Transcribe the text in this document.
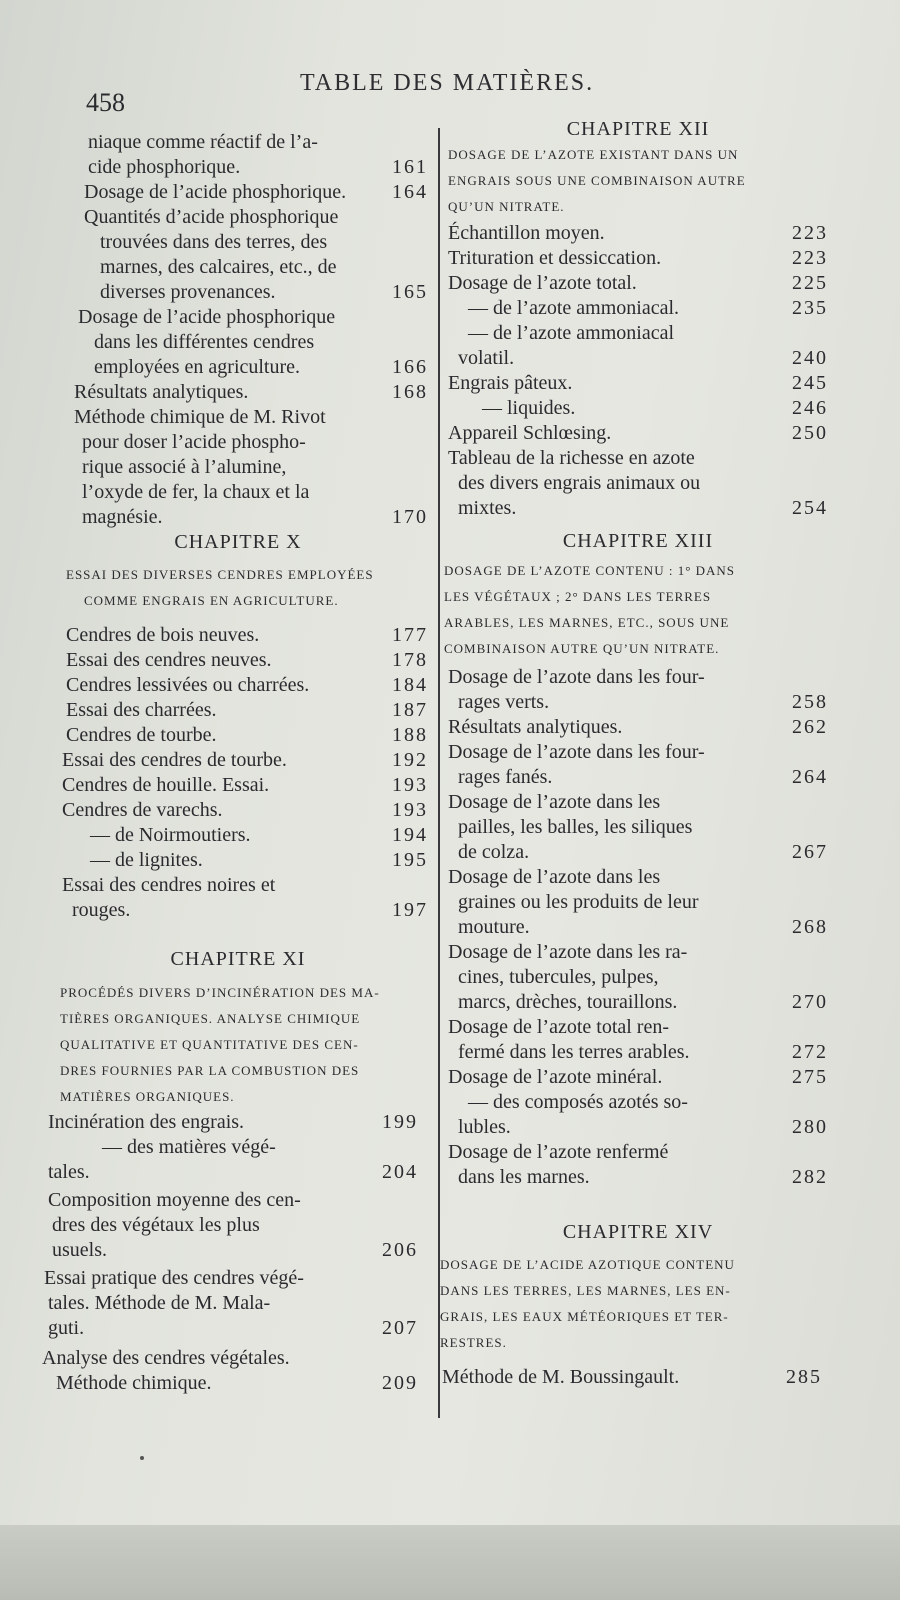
458
TABLE DES MATIÈRES.
niaque comme réactif de l’a-
cide phosphorique.	161
Dosage de l’acide phosphorique.	164
Quantités d’acide phosphorique
trouvées dans des terres, des
marnes, des calcaires, etc., de
diverses provenances.	165
Dosage de l’acide phosphorique
dans les différentes cendres
employées en agriculture.	166
Résultats analytiques.	168
Méthode chimique de M. Rivot
pour doser l’acide phospho-
rique associé à l’alumine,
l’oxyde de fer, la chaux et la
magnésie.	170
CHAPITRE X
ESSAI DES DIVERSES CENDRES EMPLOYÉES
COMME ENGRAIS EN AGRICULTURE.
Cendres de bois neuves.	177
Essai des cendres neuves.	178
Cendres lessivées ou charrées.	184
Essai des charrées.	187
Cendres de tourbe.	188
Essai des cendres de tourbe.	192
Cendres de houille. Essai.	193
Cendres de varechs.	193
— de Noirmoutiers.	194
— de lignites.	195
Essai des cendres noires et
rouges.	197
CHAPITRE XI
PROCÉDÉS DIVERS D’INCINÉRATION DES MA-
TIÈRES ORGANIQUES. ANALYSE CHIMIQUE
QUALITATIVE ET QUANTITATIVE DES CEN-
DRES FOURNIES PAR LA COMBUSTION DES
MATIÈRES ORGANIQUES.
Incinération des engrais.	199
— des matières végé-
tales.	204
Composition moyenne des cen-
dres des végétaux les plus
usuels.	206
Essai pratique des cendres végé-
tales. Méthode de M. Mala-
guti.	207
Analyse des cendres végétales.
Méthode chimique.	209
CHAPITRE XII
DOSAGE DE L’AZOTE EXISTANT DANS UN
ENGRAIS SOUS UNE COMBINAISON AUTRE
QU’UN NITRATE.
Échantillon moyen.	223
Trituration et dessiccation.	223
Dosage de l’azote total.	225
— de l’azote ammoniacal.	235
— de l’azote ammoniacal
volatil.	240
Engrais pâteux.	245
— liquides.	246
Appareil Schlœsing.	250
Tableau de la richesse en azote
des divers engrais animaux ou
mixtes.	254
CHAPITRE XIII
DOSAGE DE L’AZOTE CONTENU : 1° DANS
LES VÉGÉTAUX ; 2° DANS LES TERRES
ARABLES, LES MARNES, ETC., SOUS UNE
COMBINAISON AUTRE QU’UN NITRATE.
Dosage de l’azote dans les four-
rages verts.	258
Résultats analytiques.	262
Dosage de l’azote dans les four-
rages fanés.	264
Dosage de l’azote dans les
pailles, les balles, les siliques
de colza.	267
Dosage de l’azote dans les
graines ou les produits de leur
mouture.	268
Dosage de l’azote dans les ra-
cines, tubercules, pulpes,
marcs, drèches, touraillons.	270
Dosage de l’azote total ren-
fermé dans les terres arables.	272
Dosage de l’azote minéral.	275
— des composés azotés so-
lubles.	280
Dosage de l’azote renfermé
dans les marnes.	282
CHAPITRE XIV
DOSAGE DE L’ACIDE AZOTIQUE CONTENU
DANS LES TERRES, LES MARNES, LES EN-
GRAIS, LES EAUX MÉTÉORIQUES ET TER-
RESTRES.
Méthode de M. Boussingault.	285
